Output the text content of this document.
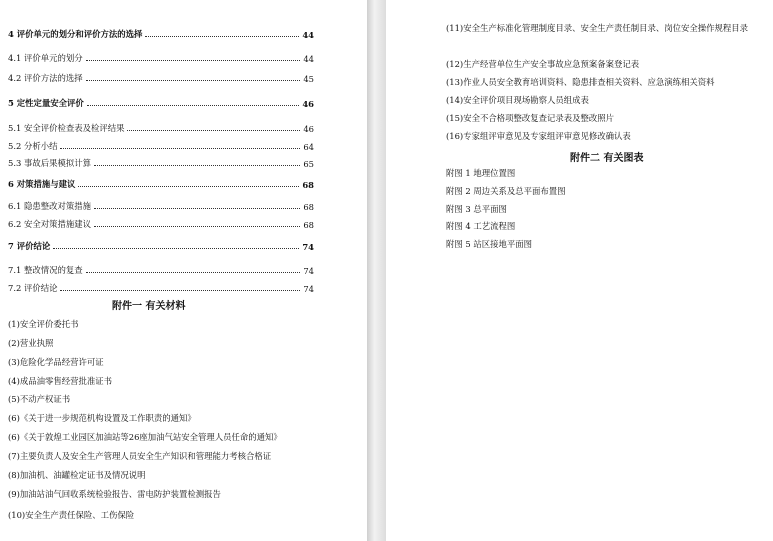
4 评价单元的划分和评价方法的选择	44
4.1 评价单元的划分	44
4.2 评价方法的选择	45
5 定性定量安全评价	46
5.1 安全评价检查表及检评结果	46
5.2 分析小结	64
5.3 事故后果模拟计算	65
6 对策措施与建议	68
6.1 隐患整改对策措施	68
6.2 安全对策措施建议	68
7 评价结论	74
7.1 整改情况的复查	74
7.2 评价结论	74
附件一 有关材料
(1)安全评价委托书
(2)营业执照
(3)危险化学品经营许可证
(4)成品油零售经营批准证书
(5)不动产权证书
(6)《关于进一步规范机构设置及工作职责的通知》
(6)《关于敦煌工业园区加油站等26座加油气站安全管理人员任命的通知》
(7)主要负责人及安全生产管理人员安全生产知识和管理能力考核合格证
(8)加油机、油罐检定证书及情况说明
(9)加油站油气回收系统检验报告、雷电防护装置检测报告
(10)安全生产责任保险、工伤保险
(11)安全生产标准化管理制度目录、安全生产责任制目录、岗位安全操作规程目录
(12)生产经营单位生产安全事故应急预案备案登记表
(13)作业人员安全教育培训资料、隐患排查相关资料、应急演练相关资料
(14)安全评价项目现场勘察人员组成表
(15)安全不合格项整改复查记录表及整改照片
(16)专家组评审意见及专家组评审意见修改确认表
附件二 有关图表
附图 1 地理位置图
附图 2 周边关系及总平面布置图
附图 3 总平面图
附图 4 工艺流程图
附图 5 站区接地平面图
